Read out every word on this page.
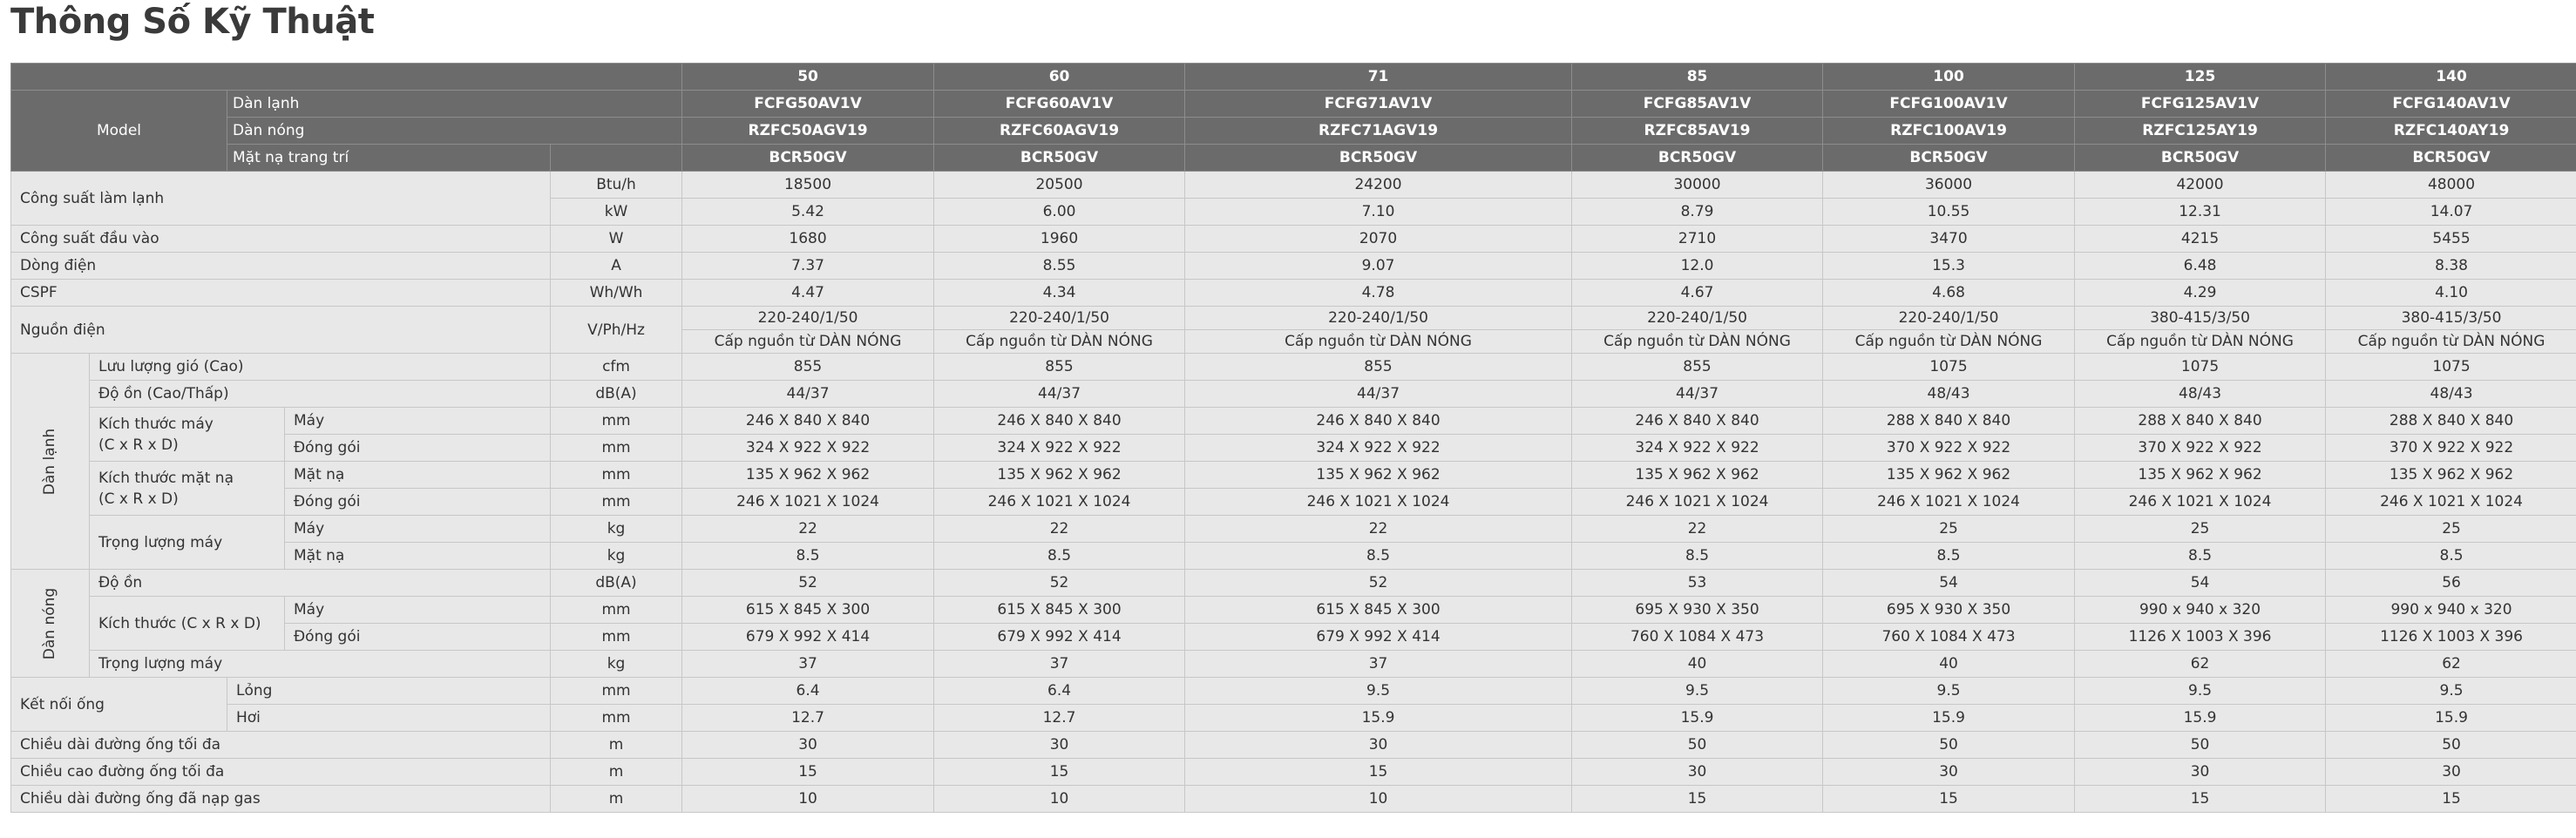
Thông Số Kỹ Thuật
					50	60	71	85	100	125	140
Model		Dàn lạnh			FCFG50AV1V	FCFG60AV1V	FCFG71AV1V	FCFG85AV1V	FCFG100AV1V	FCFG125AV1V	FCFG140AV1V
		Dàn nóng			RZFC50AGV19	RZFC60AGV19	RZFC71AGV19	RZFC85AV19	RZFC100AV19	RZFC125AY19	RZFC140AY19
		Mặt nạ trang trí			BCR50GV	BCR50GV	BCR50GV	BCR50GV	BCR50GV	BCR50GV	BCR50GV
Công suất làm lạnh				Btu/h	18500	20500	24200	30000	36000	42000	48000
				kW	5.42	6.00	7.10	8.79	10.55	12.31	14.07
Công suất đầu vào				W	1680	1960	2070	2710	3470	4215	5455
Dòng điện				A	7.37	8.55	9.07	12.0	15.3	6.48	8.38
CSPF				Wh/Wh	4.47	4.34	4.78	4.67	4.68	4.29	4.10
Nguồn điện				V/Ph/Hz	220-240/1/50	220-240/1/50	220-240/1/50	220-240/1/50	220-240/1/50	380-415/3/50	380-415/3/50
					Cấp nguồn từ DÀN NÓNG	Cấp nguồn từ DÀN NÓNG	Cấp nguồn từ DÀN NÓNG	Cấp nguồn từ DÀN NÓNG	Cấp nguồn từ DÀN NÓNG	Cấp nguồn từ DÀN NÓNG	Cấp nguồn từ DÀN NÓNG
Dàn lạnh	Lưu lượng gió (Cao)			cfm	855	855	855	855	1075	1075	1075
	Độ ồn (Cao/Thấp)			dB(A)	44/37	44/37	44/37	44/37	48/43	48/43	48/43
	Kích thước máy
(C x R x D)		Máy	mm	246 X 840 X 840	246 X 840 X 840	246 X 840 X 840	246 X 840 X 840	288 X 840 X 840	288 X 840 X 840	288 X 840 X 840
			Đóng gói	mm	324 X 922 X 922	324 X 922 X 922	324 X 922 X 922	324 X 922 X 922	370 X 922 X 922	370 X 922 X 922	370 X 922 X 922
	Kích thước mặt nạ
(C x R x D)		Mặt nạ	mm	135 X 962 X 962	135 X 962 X 962	135 X 962 X 962	135 X 962 X 962	135 X 962 X 962	135 X 962 X 962	135 X 962 X 962
			Đóng gói	mm	246 X 1021 X 1024	246 X 1021 X 1024	246 X 1021 X 1024	246 X 1021 X 1024	246 X 1021 X 1024	246 X 1021 X 1024	246 X 1021 X 1024
	Trọng lượng máy		Máy	kg	22	22	22	22	25	25	25
			Mặt nạ	kg	8.5	8.5	8.5	8.5	8.5	8.5	8.5
Dàn nóng	Độ ồn			dB(A)	52	52	52	53	54	54	56
	Kích thước (C x R x D)		Máy	mm	615 X 845 X 300	615 X 845 X 300	615 X 845 X 300	695 X 930 X 350	695 X 930 X 350	990 x 940 x 320	990 x 940 x 320
			Đóng gói	mm	679 X 992 X 414	679 X 992 X 414	679 X 992 X 414	760 X 1084 X 473	760 X 1084 X 473	1126 X 1003 X 396	1126 X 1003 X 396
	Trọng lượng máy			kg	37	37	37	40	40	62	62
Kết nối ống		Lỏng		mm	6.4	6.4	9.5	9.5	9.5	9.5	9.5
		Hơi		mm	12.7	12.7	15.9	15.9	15.9	15.9	15.9
Chiều dài đường ống tối đa				m	30	30	30	50	50	50	50
Chiều cao đường ống tối đa				m	15	15	15	30	30	30	30
Chiều dài đường ống đã nạp gas				m	10	10	10	15	15	15	15
